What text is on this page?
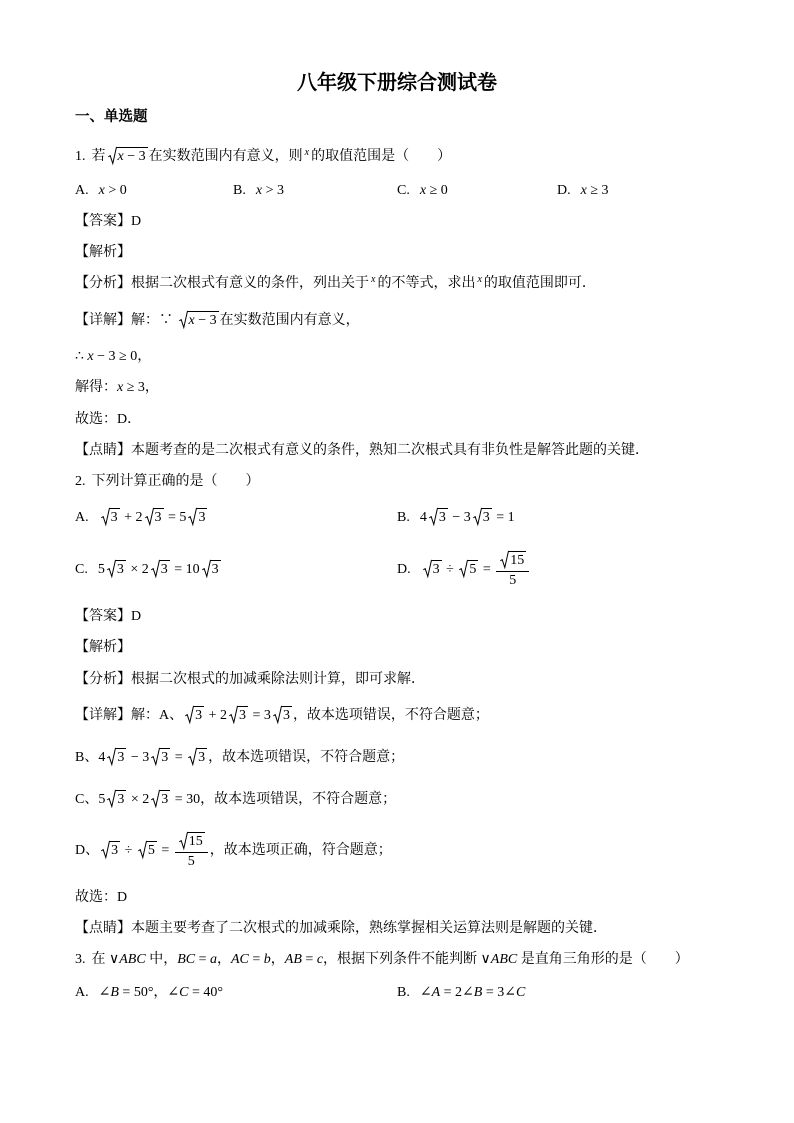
八年级下册综合测试卷
一、单选题
1. 若 x − 3 在实数范围内有意义，则 $^x$ 的取值范围是（　　）
A. x > 0	B. x > 3	C. x ≥ 0	D. x ≥ 3
【答案】D
【解析】
【分析】根据二次根式有意义的条件，列出关于 $^x$ 的不等式，求出 $^x$ 的取值范围即可．
【详解】解：∵
x − 3 在实数范围内有意义，
∴ x − 3 ≥ 0，
解得：x ≥ 3，
故选：D．
【点睛】本题考查的是二次根式有意义的条件，熟知二次根式具有非负性是解答此题的关键．
2. 下列计算正确的是（　　）
A. 3 + 2 3 = 5 3	B. 4 3 − 3 3 = 1
C. 5 3 × 2 3 = 10 3	D. 3 ÷
$5 = \frac{15}{5}$
【答案】D
【解析】
【分析】根据二次根式的加减乘除法则计算，即可求解．
【详解】解：A、 3 + 2 3 = 3 3 ，故本选项错误，不符合题意；
B、4 3 − 3 3 =
3 ，故本选项错误，不符合题意；
C、5 3 × 2 3 = 30，故本选项错误，不符合题意；
D、 3 ÷
$5 = \frac{15}{5}$ ，故本选项正确，符合题意；
故选：D
【点睛】本题主要考查了二次根式的加减乘除，熟练掌握相关运算法则是解题的关键．
3. 在 ∨ABC 中，BC = a，AC = b，AB = c，根据下列条件不能判断 ∨ABC 是直角三角形的是（　　）
A. ∠B = 50°，∠C = 40°	B. ∠A = 2∠B = 3∠C
